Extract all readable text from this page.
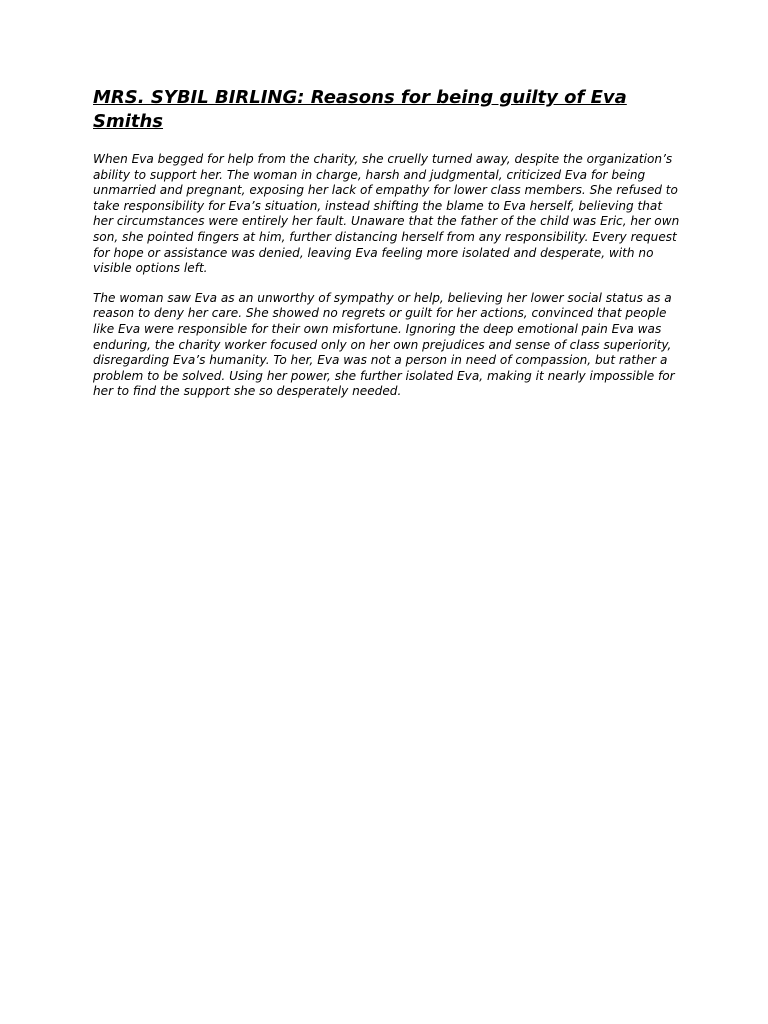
MRS. SYBIL BIRLING: Reasons for being guilty of Eva Smiths

When Eva begged for help from the charity, she cruelly turned away, despite the organization’s ability to support her. The woman in charge, harsh and judgmental, criticized Eva for being unmarried and pregnant, exposing her lack of empathy for lower class members. She refused to take responsibility for Eva’s situation, instead shifting the blame to Eva herself, believing that her circumstances were entirely her fault. Unaware that the father of the child was Eric, her own son, she pointed fingers at him, further distancing herself from any responsibility. Every request for hope or assistance was denied, leaving Eva feeling more isolated and desperate, with no visible options left.

The woman saw Eva as an unworthy of sympathy or help, believing her lower social status as a reason to deny her care. She showed no regrets or guilt for her actions, convinced that people like Eva were responsible for their own misfortune. Ignoring the deep emotional pain Eva was enduring, the charity worker focused only on her own prejudices and sense of class superiority, disregarding Eva’s humanity. To her, Eva was not a person in need of compassion, but rather a problem to be solved. Using her power, she further isolated Eva, making it nearly impossible for her to find the support she so desperately needed.
